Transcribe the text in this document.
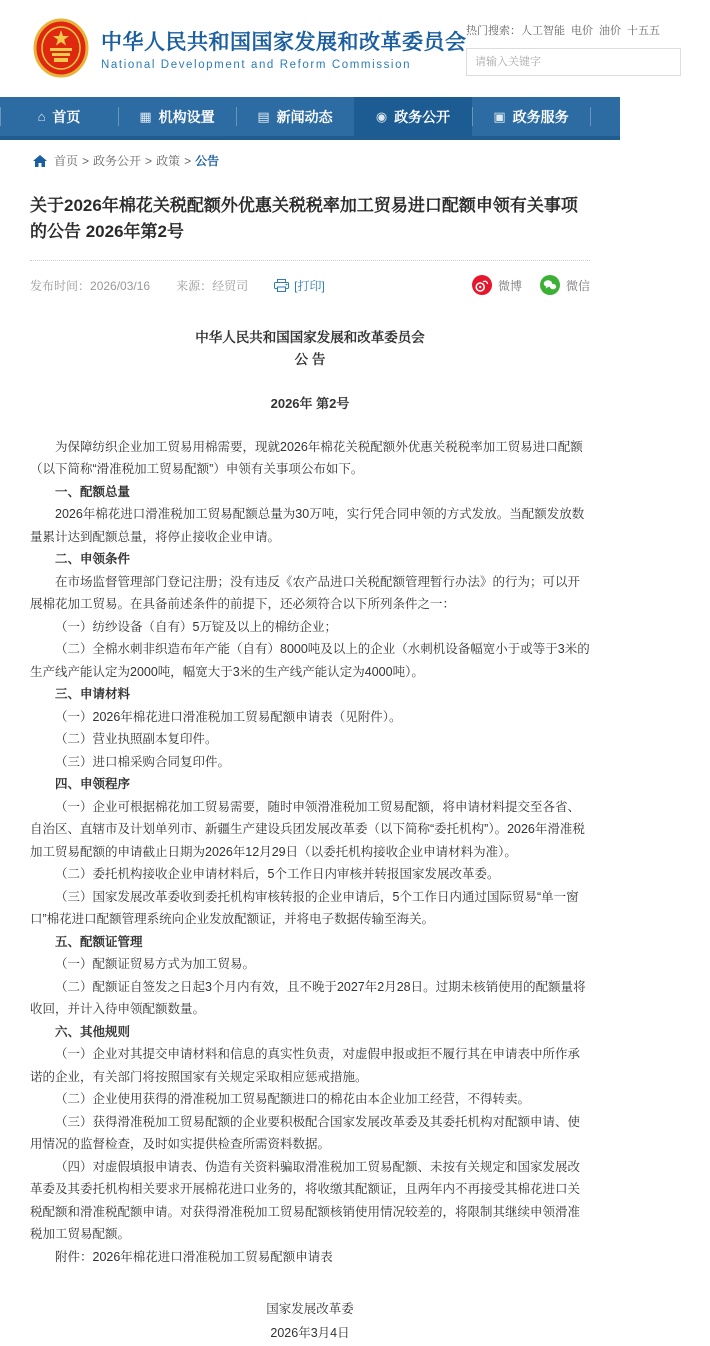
中华人民共和国国家发展和改革委员会
National Development and Reform Commission
热门搜索：人工智能 电价 油价 十五五
请输入关键字
⌂ 首页	▦ 机构设置	▤ 新闻动态	◉ 政务公开	▣ 政务服务	◯
首页 > 政务公开 > 政策 > 公告
关于2026年棉花关税配额外优惠关税税率加工贸易进口配额申领有关事项的公告 2026年第2号
发布时间：2026/03/16 来源：经贸司	[打印]	微博	微信
中华人民共和国国家发展和改革委员会
公 告
2026年 第2号

为保障纺织企业加工贸易用棉需要，现就2026年棉花关税配额外优惠关税税率加工贸易进口配额（以下简称“滑准税加工贸易配额”）申领有关事项公布如下。

一、配额总量

2026年棉花进口滑准税加工贸易配额总量为30万吨，实行凭合同申领的方式发放。当配额发放数量累计达到配额总量，将停止接收企业申请。

二、申领条件

在市场监督管理部门登记注册；没有违反《农产品进口关税配额管理暂行办法》的行为；可以开展棉花加工贸易。在具备前述条件的前提下，还必须符合以下所列条件之一：

（一）纺纱设备（自有）5万锭及以上的棉纺企业；

（二）全棉水刺非织造布年产能（自有）8000吨及以上的企业（水刺机设备幅宽小于或等于3米的生产线产能认定为2000吨，幅宽大于3米的生产线产能认定为4000吨）。

三、申请材料

（一）2026年棉花进口滑准税加工贸易配额申请表（见附件）。

（二）营业执照副本复印件。

（三）进口棉采购合同复印件。

四、申领程序

（一）企业可根据棉花加工贸易需要，随时申领滑准税加工贸易配额，将申请材料提交至各省、自治区、直辖市及计划单列市、新疆生产建设兵团发展改革委（以下简称“委托机构”）。2026年滑准税加工贸易配额的申请截止日期为2026年12月29日（以委托机构接收企业申请材料为准）。

（二）委托机构接收企业申请材料后，5个工作日内审核并转报国家发展改革委。

（三）国家发展改革委收到委托机构审核转报的企业申请后，5个工作日内通过国际贸易“单一窗口”棉花进口配额管理系统向企业发放配额证，并将电子数据传输至海关。

五、配额证管理

（一）配额证贸易方式为加工贸易。

（二）配额证自签发之日起3个月内有效，且不晚于2027年2月28日。过期未核销使用的配额量将收回，并计入待申领配额数量。

六、其他规则

（一）企业对其提交申请材料和信息的真实性负责，对虚假申报或拒不履行其在申请表中所作承诺的企业，有关部门将按照国家有关规定采取相应惩戒措施。

（二）企业使用获得的滑准税加工贸易配额进口的棉花由本企业加工经营，不得转卖。

（三）获得滑准税加工贸易配额的企业要积极配合国家发展改革委及其委托机构对配额申请、使用情况的监督检查，及时如实提供检查所需资料数据。

（四）对虚假填报申请表、伪造有关资料骗取滑准税加工贸易配额、未按有关规定和国家发展改革委及其委托机构相关要求开展棉花进口业务的，将收缴其配额证，且两年内不再接受其棉花进口关税配额和滑准税配额申请。对获得滑准税加工贸易配额核销使用情况较差的，将限制其继续申领滑准税加工贸易配额。

附件：2026年棉花进口滑准税加工贸易配额申请表

国家发展改革委
2026年3月4日
